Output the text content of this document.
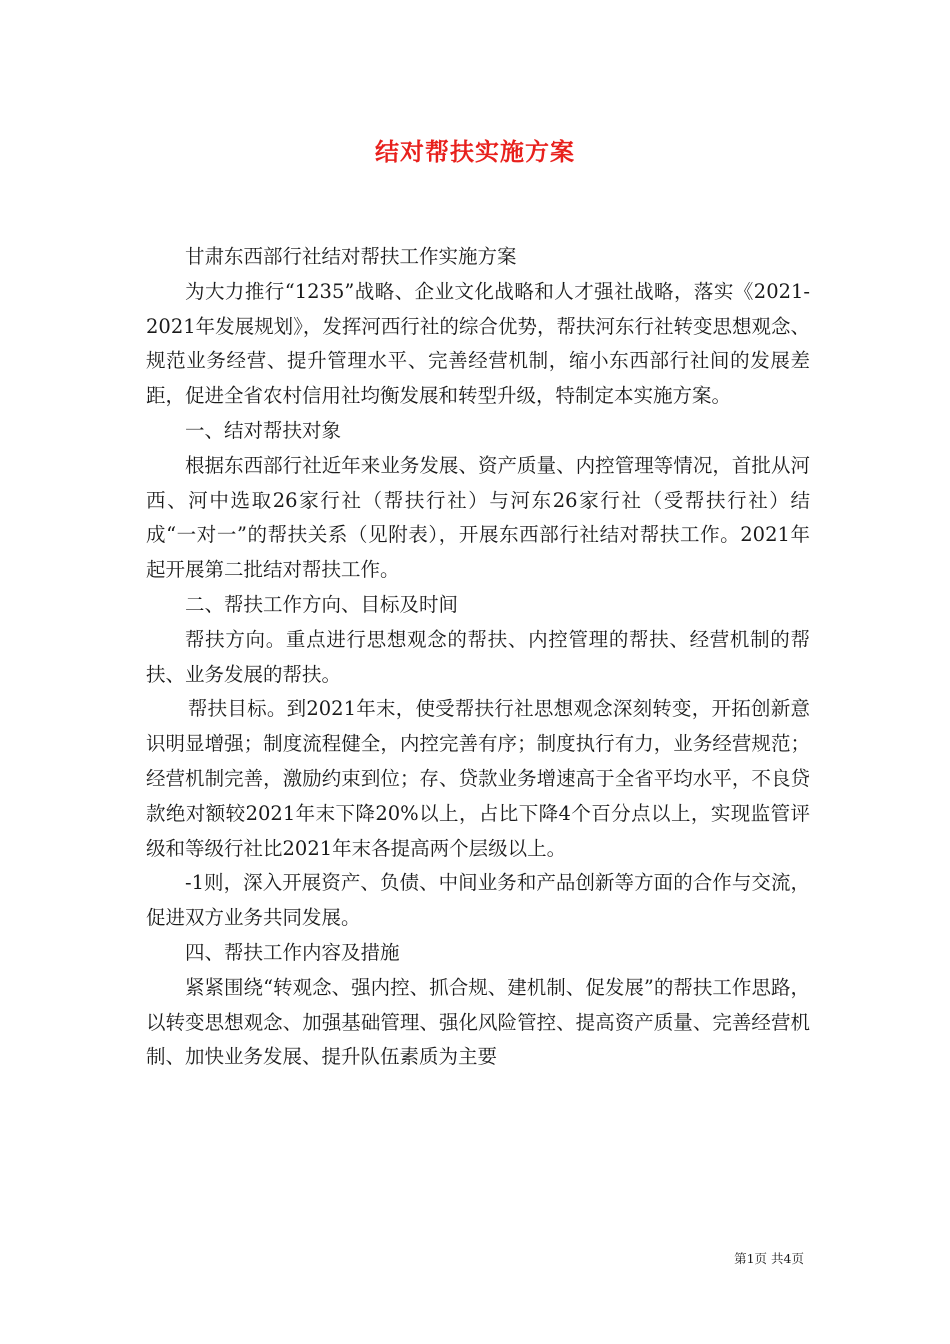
结对帮扶实施方案

甘肃东西部行社结对帮扶工作实施方案

为大力推行“1235”战略、企业文化战略和人才强社战略，落实《2021-2021年发展规划》，发挥河西行社的综合优势，帮扶河东行社转变思想观念、规范业务经营、提升管理水平、完善经营机制，缩小东西部行社间的发展差距，促进全省农村信用社均衡发展和转型升级，特制定本实施方案。

一、结对帮扶对象

根据东西部行社近年来业务发展、资产质量、内控管理等情况，首批从河西、河中选取26家行社（帮扶行社）与河东26家行社（受帮扶行社）结成“一对一”的帮扶关系（见附表），开展东西部行社结对帮扶工作。2021年起开展第二批结对帮扶工作。

二、帮扶工作方向、目标及时间

帮扶方向。重点进行思想观念的帮扶、内控管理的帮扶、经营机制的帮扶、业务发展的帮扶。

帮扶目标。到2021年末，使受帮扶行社思想观念深刻转变，开拓创新意识明显增强；制度流程健全，内控完善有序；制度执行有力，业务经营规范；经营机制完善，激励约束到位；存、贷款业务增速高于全省平均水平，不良贷款绝对额较2021年末下降20%以上，占比下降4个百分点以上，实现监管评级和等级行社比2021年末各提高两个层级以上。

-1则，深入开展资产、负债、中间业务和产品创新等方面的合作与交流，促进双方业务共同发展。

四、帮扶工作内容及措施

紧紧围绕“转观念、强内控、抓合规、建机制、促发展”的帮扶工作思路，以转变思想观念、加强基础管理、强化风险管控、提高资产质量、完善经营机制、加快业务发展、提升队伍素质为主要

第1页 共4页
